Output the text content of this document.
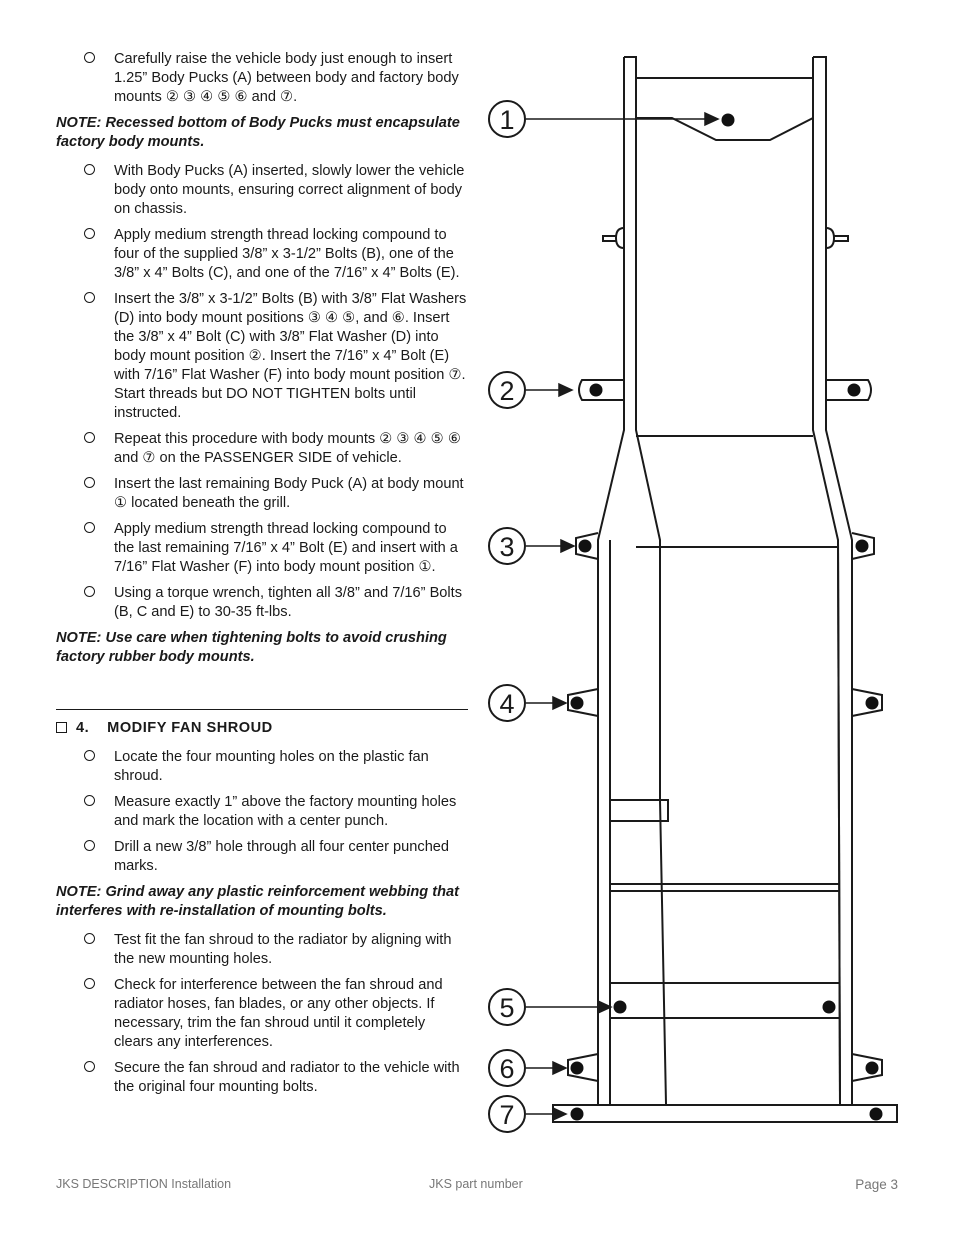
Carefully raise the vehicle body just enough to insert 1.25” Body Pucks (A) between body and factory body mounts ② ③ ④ ⑤ ⑥ and ⑦.
NOTE: Recessed bottom of Body Pucks must encapsulate factory body mounts.
With Body Pucks (A) inserted, slowly lower the vehicle body onto mounts, ensuring correct alignment of body on chassis.
Apply medium strength thread locking compound to four of the supplied 3/8” x 3-1/2” Bolts (B), one of the 3/8” x 4” Bolts (C), and one of the 7/16” x 4” Bolts (E).
Insert the 3/8” x 3-1/2” Bolts (B) with 3/8” Flat Washers (D) into body mount positions ③ ④ ⑤, and ⑥. Insert the 3/8” x 4” Bolt (C) with 3/8” Flat Washer (D) into body mount position ②. Insert the 7/16” x 4” Bolt (E) with 7/16” Flat Washer (F) into body mount position ⑦. Start threads but DO NOT TIGHTEN bolts until instructed.
Repeat this procedure with body mounts ② ③ ④ ⑤ ⑥ and ⑦ on the PASSENGER SIDE of vehicle.
Insert the last remaining Body Puck (A) at body mount ① located beneath the grill.
Apply medium strength thread locking compound to the last remaining 7/16” x 4” Bolt (E) and insert with a 7/16” Flat Washer (F) into body mount position ①.
Using a torque wrench, tighten all 3/8” and 7/16” Bolts (B, C and E) to 30-35 ft-lbs.
NOTE: Use care when tightening bolts to avoid crushing factory rubber body mounts.
4. MODIFY FAN SHROUD
Locate the four mounting holes on the plastic fan shroud.
Measure exactly 1” above the factory mounting holes and mark the location with a center punch.
Drill a new 3/8” hole through all four center punched marks.
NOTE: Grind away any plastic reinforcement webbing that interferes with re-installation of mounting bolts.
Test fit the fan shroud to the radiator by aligning with the new mounting holes.
Check for interference between the fan shroud and radiator hoses, fan blades, or any other objects. If necessary, trim the fan shroud until it completely clears any interferences.
Secure the fan shroud and radiator to the vehicle with the original four mounting bolts.
1
2
3
4
5
6
7
JKS DESCRIPTION Installation	JKS part number	Page 3
